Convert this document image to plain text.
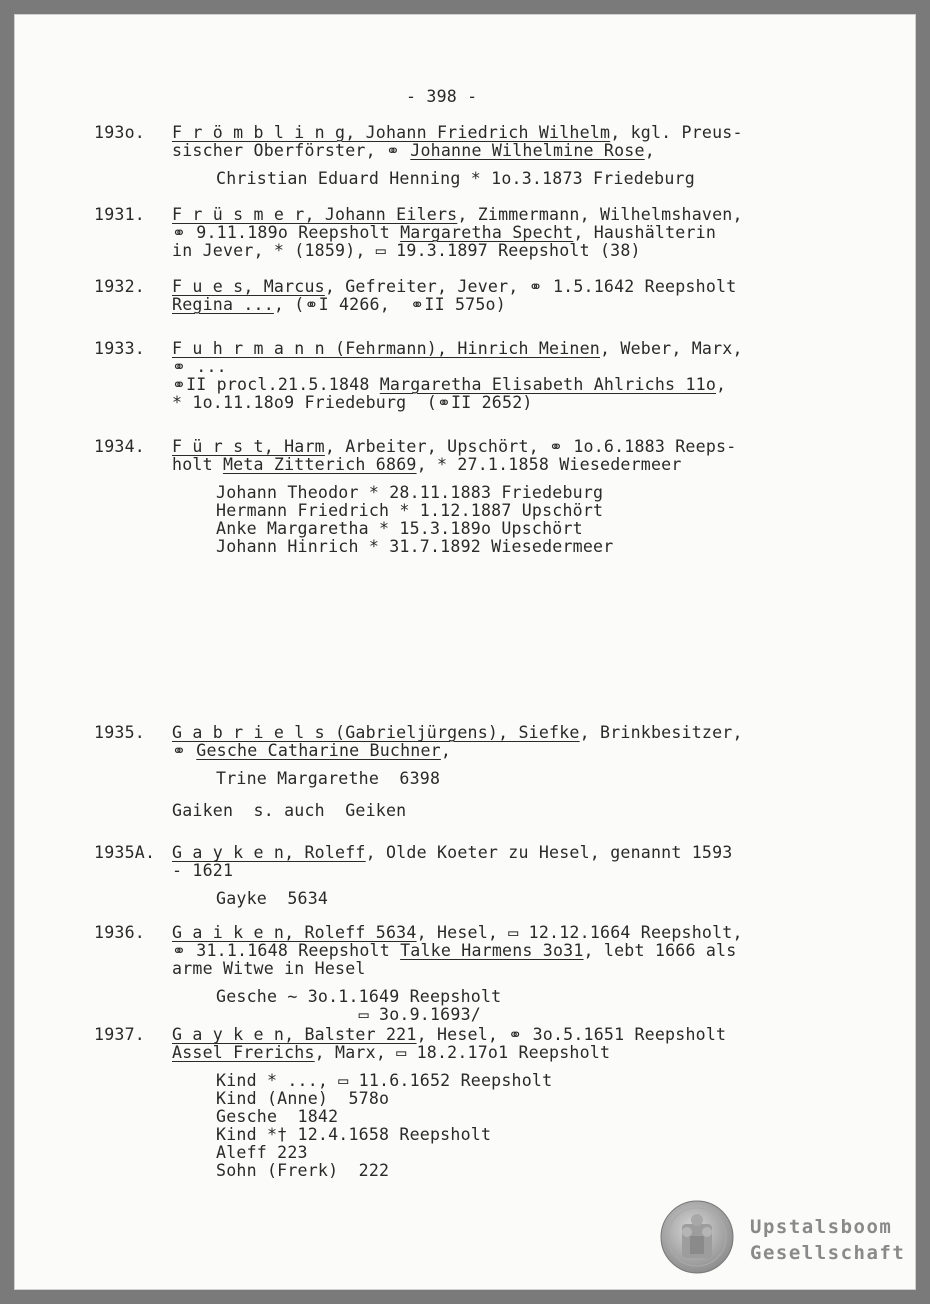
- 398 -
193o. F r ö m b l i n g, Johann Friedrich Wilhelm, kgl. Preus-
sischer Oberförster, ⚭ Johanne Wilhelmine Rose,
Christian Eduard Henning * 1o.3.1873 Friedeburg
1931. F r ü s m e r, Johann Eilers, Zimmermann, Wilhelmshaven,
⚭ 9.11.189o Reepsholt Margaretha Specht, Haushälterin
in Jever, * (1859), ▭ 19.3.1897 Reepsholt (38)
1932. F u e s, Marcus, Gefreiter, Jever, ⚭ 1.5.1642 Reepsholt
Regina ..., (⚭I 4266,  ⚭II 575o)
1933. F u h r m a n n (Fehrmann), Hinrich Meinen, Weber, Marx,
⚭ ...
⚭II procl.21.5.1848 Margaretha Elisabeth Ahlrichs 11o,
* 1o.11.18o9 Friedeburg  (⚭II 2652)
1934. F ü r s t, Harm, Arbeiter, Upschört, ⚭ 1o.6.1883 Reeps-
holt Meta Zitterich 6869, * 27.1.1858 Wiesedermeer
Johann Theodor * 28.11.1883 Friedeburg
Hermann Friedrich * 1.12.1887 Upschört
Anke Margaretha * 15.3.189o Upschört
Johann Hinrich * 31.7.1892 Wiesedermeer
1935. G a b r i e l s (Gabrieljürgens), Siefke, Brinkbesitzer,
⚭ Gesche Catharine Buchner,
Trine Margarethe  6398
Gaiken  s. auch  Geiken
1935A. G a y k e n, Roleff, Olde Koeter zu Hesel, genannt 1593
- 1621
Gayke  5634
1936. G a i k e n, Roleff 5634, Hesel, ▭ 12.12.1664 Reepsholt,
⚭ 31.1.1648 Reepsholt Talke Harmens 3o31, lebt 1666 als
arme Witwe in Hesel
Gesche ~ 3o.1.1649 Reepsholt
▭ 3o.9.1693/
1937. G a y k e n, Balster 221, Hesel, ⚭ 3o.5.1651 Reepsholt
Assel Frerichs, Marx, ▭ 18.2.17o1 Reepsholt
Kind * ..., ▭ 11.6.1652 Reepsholt
Kind (Anne)  578o
Gesche  1842
Kind *† 12.4.1658 Reepsholt
Aleff 223
Sohn (Frerk)  222
Upstalsboom
Gesellschaft
